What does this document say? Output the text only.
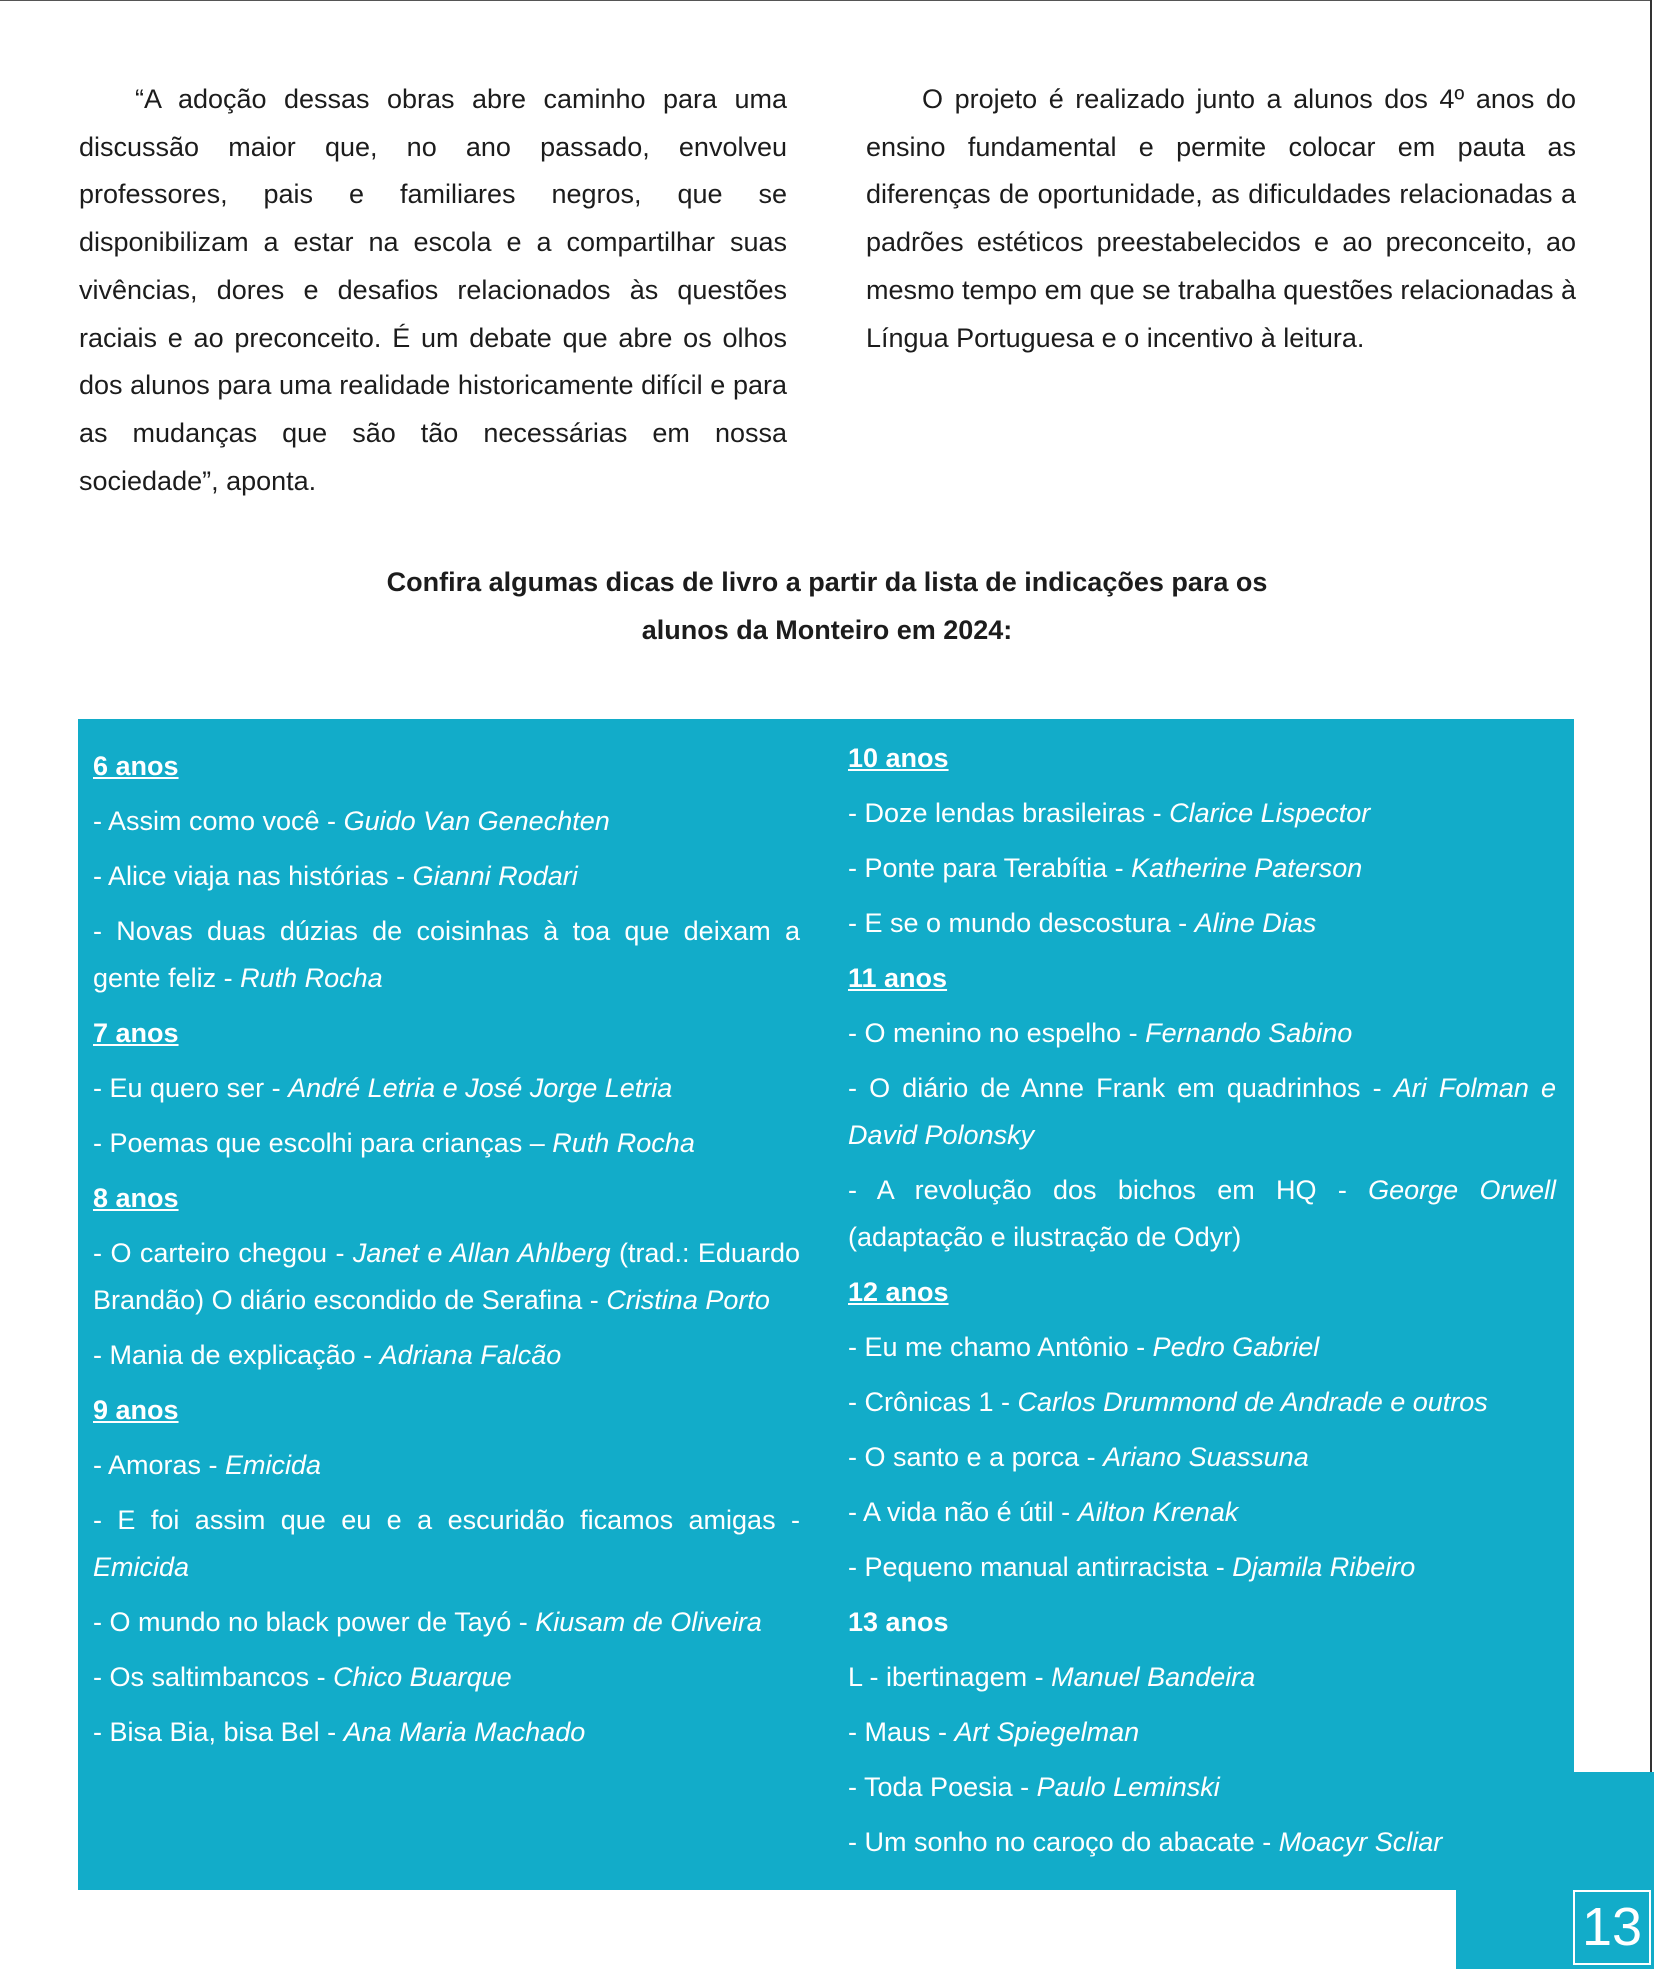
“A adoção dessas obras abre caminho para uma discussão maior que, no ano passado, envolveu professores, pais e familiares negros, que se disponibilizam a estar na escola e a compartilhar suas vivências, dores e desafios relacionados às questões raciais e ao preconceito. É um debate que abre os olhos dos alunos para uma realidade historicamente difícil e para as mudanças que são tão necessárias em nossa sociedade”, aponta.

O projeto é realizado junto a alunos dos 4º anos do ensino fundamental e permite colocar em pauta as diferenças de oportunidade, as dificuldades relacionadas a padrões estéticos preestabelecidos e ao preconceito, ao mesmo tempo em que se trabalha questões relacionadas à Língua Portuguesa e o incentivo à leitura.

Confira algumas dicas de livro a partir da lista de indicações para os
alunos da Monteiro em 2024:
6 anos
- Assim como você - Guido Van Genechten
- Alice viaja nas histórias - Gianni Rodari
- Novas duas dúzias de coisinhas à toa que deixam a gente feliz - Ruth Rocha
7 anos
- Eu quero ser - André Letria e José Jorge Letria
- Poemas que escolhi para crianças – Ruth Rocha
8 anos
- O carteiro chegou - Janet e Allan Ahlberg (trad.: Eduardo Brandão) O diário escondido de Serafina - Cristina Porto
- Mania de explicação - Adriana Falcão
9 anos
- Amoras - Emicida
- E foi assim que eu e a escuridão ficamos amigas - Emicida
- O mundo no black power de Tayó - Kiusam de Oliveira
- Os saltimbancos - Chico Buarque
- Bisa Bia, bisa Bel - Ana Maria Machado
10 anos
- Doze lendas brasileiras - Clarice Lispector
- Ponte para Terabítia - Katherine Paterson
- E se o mundo descostura - Aline Dias
11 anos
- O menino no espelho - Fernando Sabino
- O diário de Anne Frank em quadrinhos - Ari Folman e David Polonsky
- A revolução dos bichos em HQ - George Orwell (adaptação e ilustração de Odyr)
12 anos
- Eu me chamo Antônio - Pedro Gabriel
- Crônicas 1 - Carlos Drummond de Andrade e outros
- O santo e a porca - Ariano Suassuna
- A vida não é útil - Ailton Krenak
- Pequeno manual antirracista - Djamila Ribeiro
13 anos
L - ibertinagem - Manuel Bandeira
- Maus - Art Spiegelman
- Toda Poesia - Paulo Leminski
- Um sonho no caroço do abacate - Moacyr Scliar
13
